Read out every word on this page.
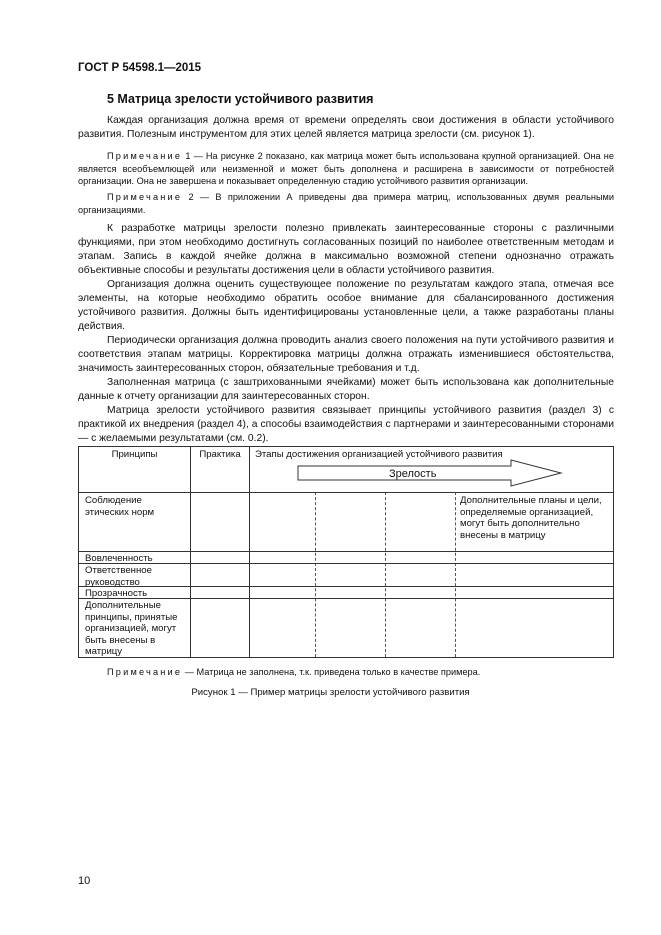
ГОСТ Р 54598.1—2015
5 Матрица зрелости устойчивого развития

Каждая организация должна время от времени определять свои достижения в области устойчивого развития. Полезным инструментом для этих целей является матрица зрелости (см. рисунок 1).

Примечание 1 — На рисунке 2 показано, как матрица может быть использована крупной организацией. Она не является всеобъемлющей или неизменной и может быть дополнена и расширена в зависимости от потребностей организации. Она не завершена и показывает определенную стадию устойчивого развития организации.

Примечание 2 — В приложении А приведены два примера матриц, использованных двумя реальными организациями.

К разработке матрицы зрелости полезно привлекать заинтересованные стороны с различными функциями, при этом необходимо достигнуть согласованных позиций по наиболее ответственным методам и этапам. Запись в каждой ячейке должна в максимально возможной степени однозначно отражать объективные способы и результаты достижения цели в области устойчивого развития.

Организация должна оценить существующее положение по результатам каждого этапа, отмечая все элементы, на которые необходимо обратить особое внимание для сбалансированного достижения устойчивого развития. Должны быть идентифицированы установленные цели, а также разработаны планы действия.

Периодически организация должна проводить анализ своего положения на пути устойчивого развития и соответствия этапам матрицы. Корректировка матрицы должна отражать изменившиеся обстоятельства, значимость заинтересованных сторон, обязательные требования и т.д.

Заполненная матрица (с заштрихованными ячейками) может быть использована как дополнительные данные к отчету организации для заинтересованных сторон.

Матрица зрелости устойчивого развития связывает принципы устойчивого развития (раздел 3) с практикой их внедрения (раздел 4), а способы взаимодействия с партнерами и заинтересованными сторонами — с желаемыми результатами (см. 0.2).

Принципы	Практика	Этапы достижения организацией устойчивого развития
Зрелость
Соблюдение этических норм
Вовлеченность
Ответственное руководство
Прозрачность
Дополнительные принципы, принятые организацией, могут быть внесены в матрицу
Дополнительные планы и цели, определяемые организацией, могут быть дополнительно внесены в матрицу

Примечание — Матрица не заполнена, т.к. приведена только в качестве примера.

Рисунок 1 — Пример матрицы зрелости устойчивого развития
10
